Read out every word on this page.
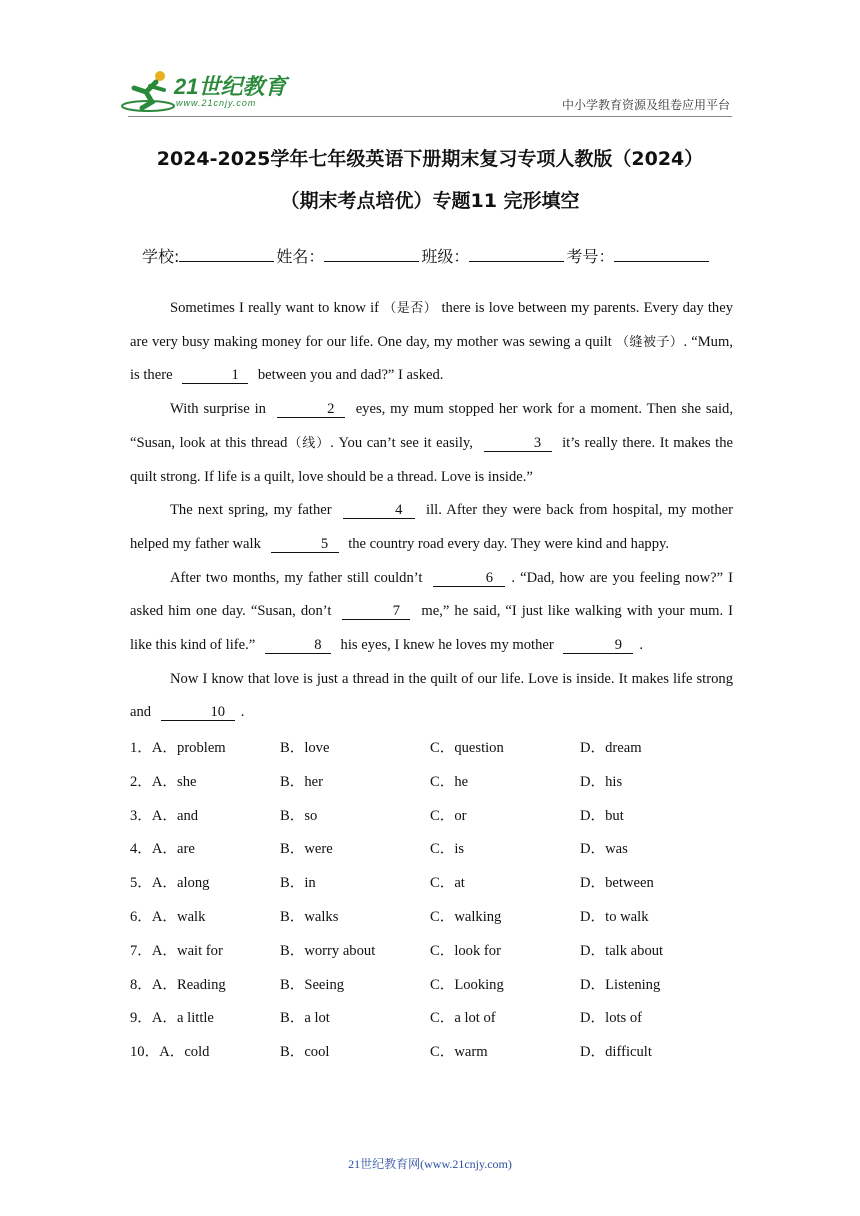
21世纪教育
www.21cnjy.com	中小学教育资源及组卷应用平台
2024-2025学年七年级英语下册期末复习专项人教版（2024）
（期末考点培优）专题11 完形填空
学校:	姓名：	班级：	考号：

Sometimes I really want to know if （是否） there is love between my parents. Every day they are very busy making money for our life. One day, my mother was sewing a quilt （缝被子）. “Mum, is there	1 between you and dad?” I asked.

With surprise in	2 eyes, my mum stopped her work for a moment. Then she said, “Susan, look at this thread（线）. You can’t see it easily,	3 it’s really there. It makes the quilt strong. If life is a quilt, love should be a thread. Love is inside.”

The next spring, my father	4 ill. After they were back from hospital, my mother helped my father walk	5 the country road every day. They were kind and happy.

After two months, my father still couldn’t	6 . “Dad, how are you feeling now?” I asked him one day. “Susan, don’t	7 me,” he said, “I just like walking with your mum. I like this kind of life.”	8 his eyes, I knew he loves my mother	9 .

Now I know that love is just a thread in the quilt of our life. Love is inside. It makes life strong and	10 .

1．A．problem	B．love	C．question	D．dream
2．A．she	B．her	C．he	D．his
3．A．and	B．so	C．or	D．but
4．A．are	B．were	C．is	D．was
5．A．along	B．in	C．at	D．between
6．A．walk	B．walks	C．walking	D．to walk
7．A．wait for	B．worry about	C．look for	D．talk about
8．A．Reading	B．Seeing	C．Looking	D．Listening
9．A．a little	B．a lot	C．a lot of	D．lots of
10．A．cold	B．cool	C．warm	D．difficult
21世纪教育网(www.21cnjy.com)
